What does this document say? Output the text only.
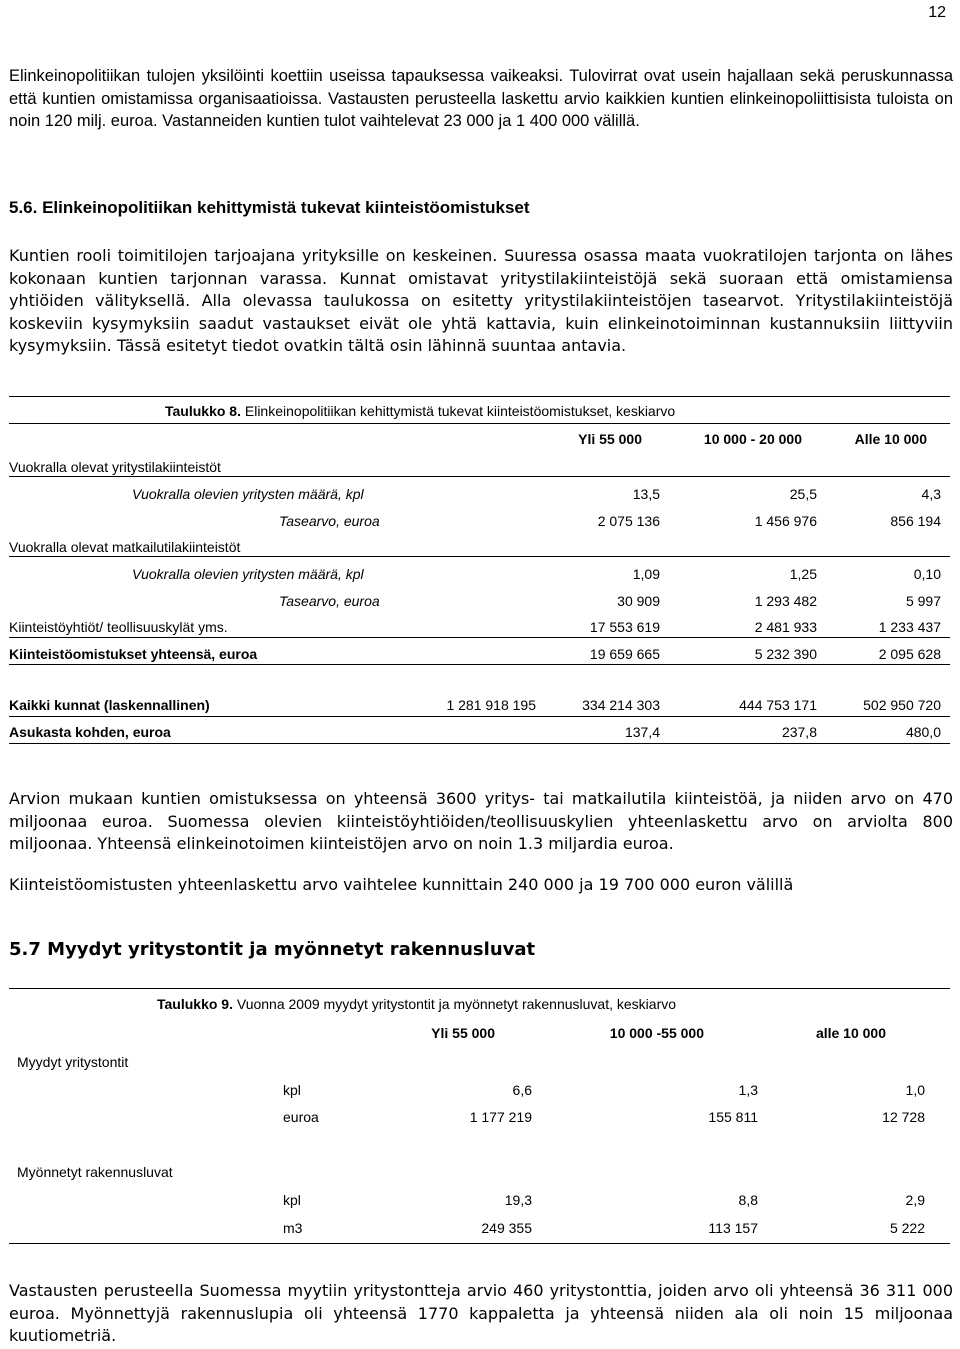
12
Elinkeinopolitiikan tulojen yksilöinti koettiin useissa tapauksessa vaikeaksi. Tulovirrat ovat usein hajallaan sekä peruskunnassa että kuntien omistamissa organisaatioissa. Vastausten perusteella laskettu arvio kaikkien kuntien elinkeinopoliittisista tuloista on noin 120 milj. euroa. Vastanneiden kuntien tulot vaihtelevat 23 000 ja 1 400 000 välillä.
5.6. Elinkeinopolitiikan kehittymistä tukevat kiinteistöomistukset
Kuntien rooli toimitilojen tarjoajana yrityksille on keskeinen. Suuressa osassa maata vuokratilojen tarjonta on lähes kokonaan kuntien tarjonnan varassa. Kunnat omistavat yritystilakiinteistöjä sekä suoraan että omistamiensa yhtiöiden välityksellä. Alla olevassa taulukossa on esitetty yritystilakiinteistöjen tasearvot. Yritystilakiinteistöjä koskeviin kysymyksiin saadut vastaukset eivät ole yhtä kattavia, kuin elinkeinotoiminnan kustannuksiin liittyviin kysymyksiin. Tässä esitetyt tiedot ovatkin tältä osin lähinnä suuntaa antavia.
Taulukko 8. Elinkeinopolitiikan kehittymistä tukevat kiinteistöomistukset, keskiarvo
Yli 55 000	10 000 - 20 000	Alle 10 000
Vuokralla olevat yritystilakiinteistöt
Vuokralla olevien yritysten määrä, kpl	13,5	25,5	4,3
Tasearvo, euroa	2 075 136	1 456 976	856 194
Vuokralla olevat matkailutilakiinteistöt
Vuokralla olevien yritysten määrä, kpl	1,09	1,25	0,10
Tasearvo, euroa	30 909	1 293 482	5 997
Kiinteistöyhtiöt/ teollisuuskylät yms.	17 553 619	2 481 933	1 233 437
Kiinteistöomistukset yhteensä, euroa	19 659 665	5 232 390	2 095 628
Kaikki kunnat (laskennallinen)	1 281 918 195	334 214 303	444 753 171	502 950 720
Asukasta kohden, euroa	137,4	237,8	480,0
Arvion mukaan kuntien omistuksessa on yhteensä 3600 yritys- tai matkailutila kiinteistöä, ja niiden arvo on 470 miljoonaa euroa. Suomessa olevien kiinteistöyhtiöiden/teollisuuskylien yhteenlaskettu arvo on arviolta 800 miljoonaa. Yhteensä elinkeinotoimen kiinteistöjen arvo on noin 1.3 miljardia euroa.
Kiinteistöomistusten yhteenlaskettu arvo vaihtelee kunnittain 240 000 ja 19 700 000 euron välillä
5.7 Myydyt yritystontit ja myönnetyt rakennusluvat
Taulukko 9. Vuonna 2009 myydyt yritystontit ja myönnetyt rakennusluvat, keskiarvo
Yli 55 000	10 000 -55 000	alle 10 000
Myydyt yritystontit
kpl	6,6	1,3	1,0
euroa	1 177 219	155 811	12 728
Myönnetyt rakennusluvat
kpl	19,3	8,8	2,9
m3	249 355	113 157	5 222
Vastausten perusteella Suomessa myytiin yritystontteja arvio 460 yritystonttia, joiden arvo oli yhteensä 36 311 000 euroa. Myönnettyjä rakennuslupia oli yhteensä 1770 kappaletta ja yhteensä niiden ala oli noin 15 miljoonaa kuutiometriä.
